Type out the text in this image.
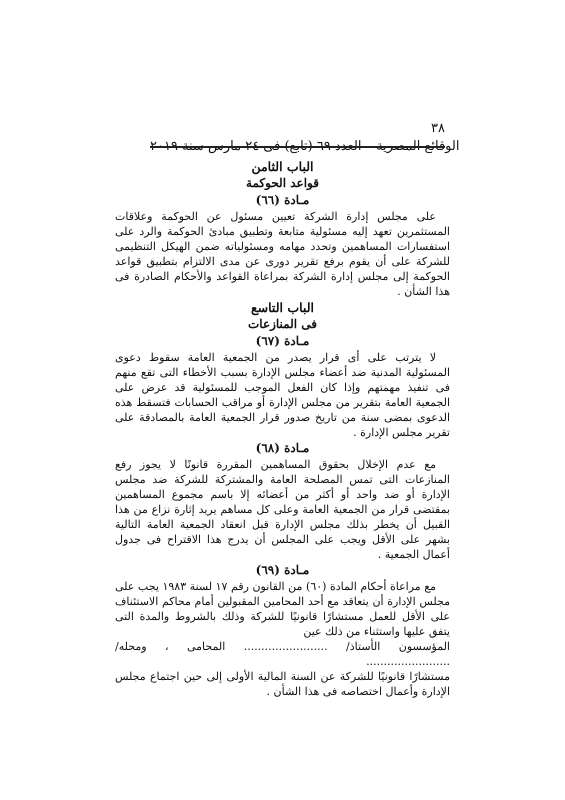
٣٨
الوقائع المصرية – العدد ٦٩ (تابع) فى ٢٤ مارس سنة ٢٠١٩

الباب الثامن

قواعد الحوكمة

مـادة (٦٦)

على مجلس إدارة الشركة تعيين مسئول عن الحوكمة وعلاقات المستثمرين تعهد إليه مسئولية متابعة وتطبيق مبادئ الحوكمة والرد على استفسارات المساهمين وتحدد مهامه ومسئولياته ضمن الهيكل التنظيمى للشركة على أن يقوم برفع تقرير دورى عن مدى الالتزام بتطبيق قواعد الحوكمة إلى مجلس إدارة الشركة بمراعاة القواعد والأحكام الصادرة فى هذا الشأن .

الباب التاسع

فى المنازعات

مـادة (٦٧)

لا يترتب على أى قرار يصدر من الجمعية العامة سقوط دعوى المسئولية المدنية ضد أعضاء مجلس الإدارة بسبب الأخطاء التى تقع منهم فى تنفيذ مهمتهم وإذا كان الفعل الموجب للمسئولية قد عرض على الجمعية العامة بتقرير من مجلس الإدارة أو مراقب الحسابات فتسقط هذه الدعوى بمضى سنة من تاريخ صدور قرار الجمعية العامة بالمصادقة على تقرير مجلس الإدارة .

مـادة (٦٨)

مع عدم الإخلال بحقوق المساهمين المقررة قانونًا لا يجوز رفع المنازعات التى تمس المصلحة العامة والمشتركة للشركة ضد مجلس الإدارة أو ضد واحد أو أكثر من أعضائه إلا باسم مجموع المساهمين بمقتضى قرار من الجمعية العامة وعلى كل مساهم يريد إثارة نزاع من هذا القبيل أن يخطر بذلك مجلس الإدارة قبل انعقاد الجمعية العامة التالية بشهر على الأقل ويجب على المجلس أن يدرج هذا الاقتراح فى جدول أعمال الجمعية .

مـادة (٦٩)

مع مراعاة أحكام المادة (٦٠) من القانون رقم ١٧ لسنة ١٩٨٣ يجب على مجلس الإدارة أن يتعاقد مع أحد المحامين المقبولين أمام محاكم الاستئناف على الأقل للعمل مستشارًا قانونيًا للشركة وذلك بالشروط والمدة التى يتفق عليها واستثناء من ذلك عين

المؤسسون الأستاذ/ ........................ المحامى ، ومحله/ ........................

مستشارًا قانونيًا للشركة عن السنة المالية الأولى إلى حين اجتماع مجلس الإدارة وأعمال اختصاصه فى هذا الشأن .
